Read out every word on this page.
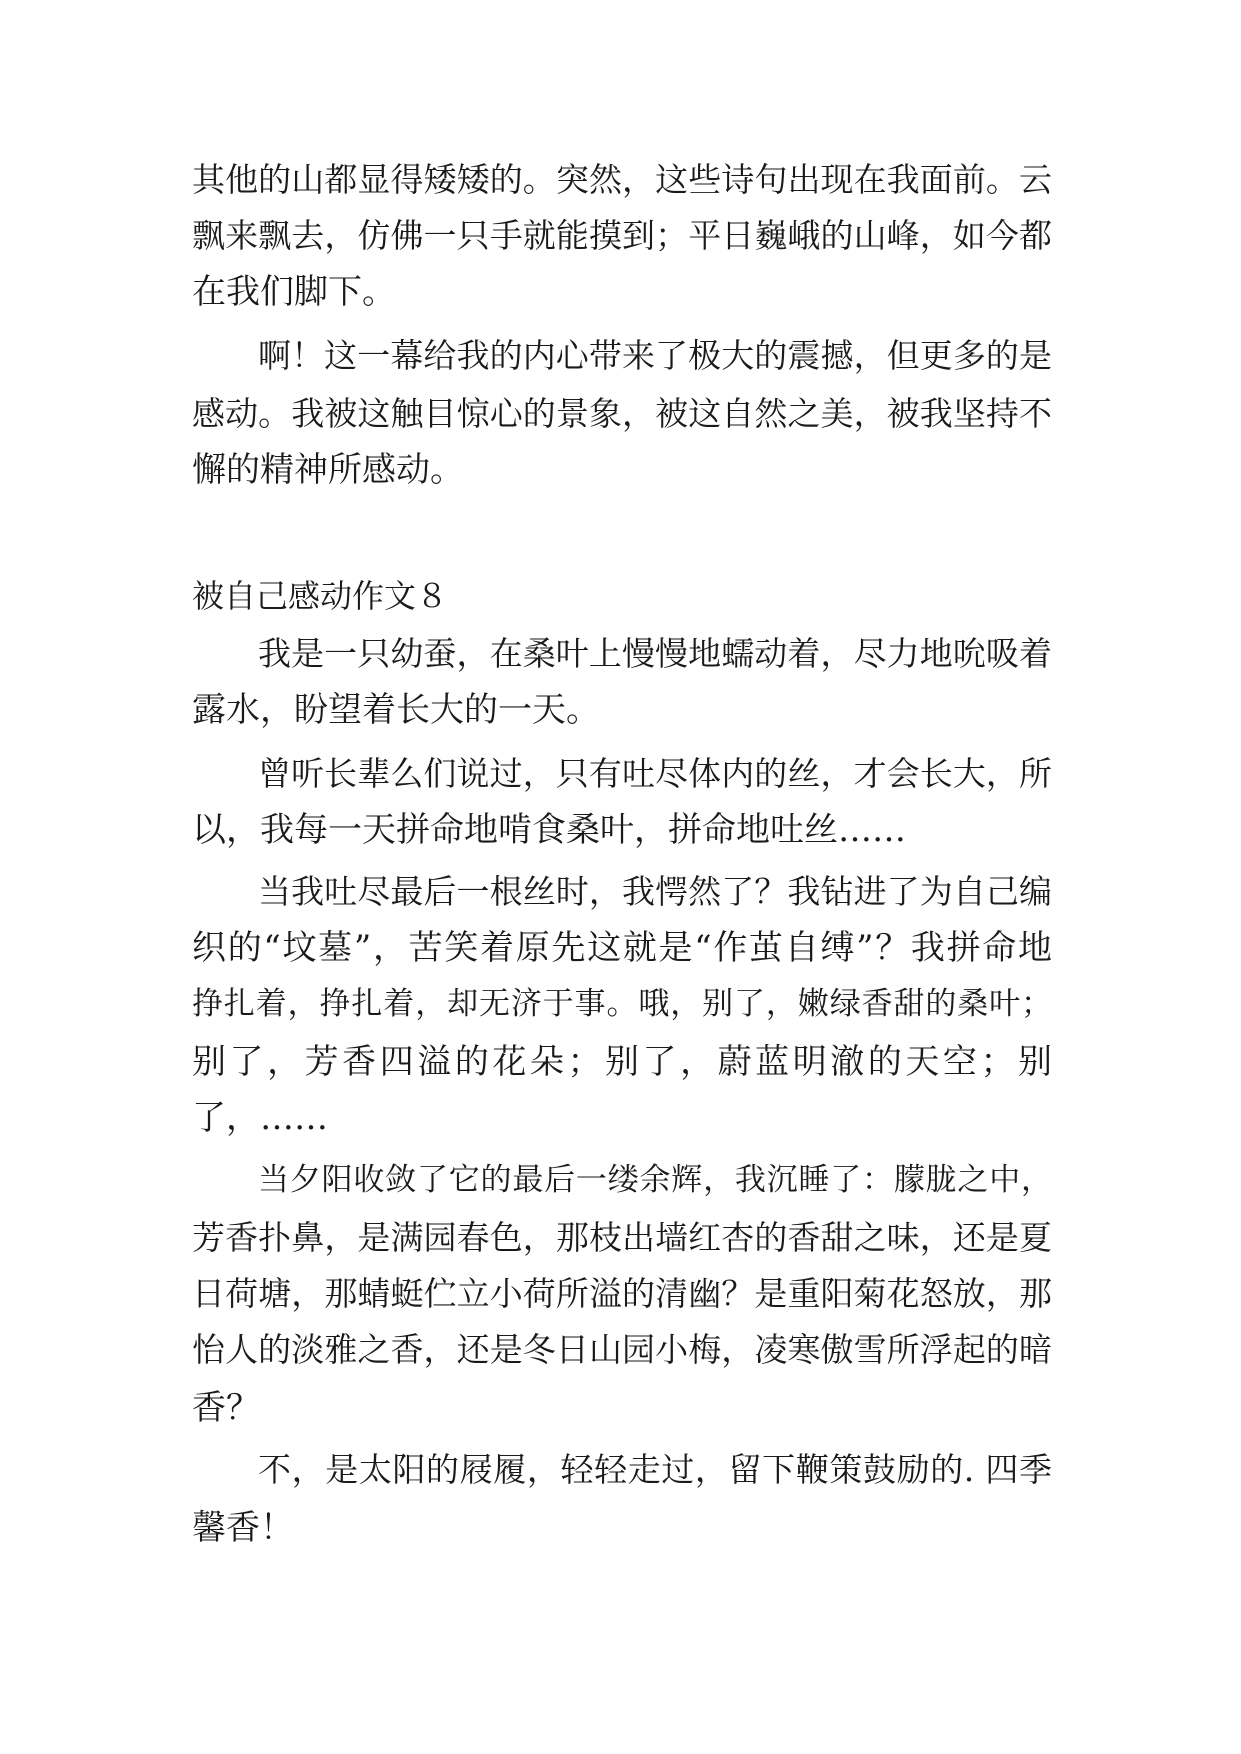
其他的山都显得矮矮的。突然，这些诗句出现在我面前。云
飘来飘去，仿佛一只手就能摸到；平日巍峨的山峰，如今都
在我们脚下。
啊！这一幕给我的内心带来了极大的震撼，但更多的是
感动。我被这触目惊心的景象，被这自然之美，被我坚持不
懈的精神所感动。
被自己感动作文８
我是一只幼蚕，在桑叶上慢慢地蠕动着，尽力地吮吸着
露水，盼望着长大的一天。
曾听长辈么们说过，只有吐尽体内的丝，才会长大，所
以，我每一天拼命地啃食桑叶，拼命地吐丝……
当我吐尽最后一根丝时，我愕然了？我钻进了为自己编
织的“坟墓”，苦笑着原先这就是“作茧自缚”？我拼命地
挣扎着，挣扎着，却无济于事。哦，别了，嫩绿香甜的桑叶；
别了，芳香四溢的花朵；别了，蔚蓝明澈的天空；别
了，……
当夕阳收敛了它的最后一缕余辉，我沉睡了：朦胧之中，
芳香扑鼻，是满园春色，那枝出墙红杏的香甜之味，还是夏
日荷塘，那蜻蜓伫立小荷所溢的清幽？是重阳菊花怒放，那
怡人的淡雅之香，还是冬日山园小梅，凌寒傲雪所浮起的暗
香？
不，是太阳的屐履，轻轻走过，留下鞭策鼓励的. 四季
馨香！
